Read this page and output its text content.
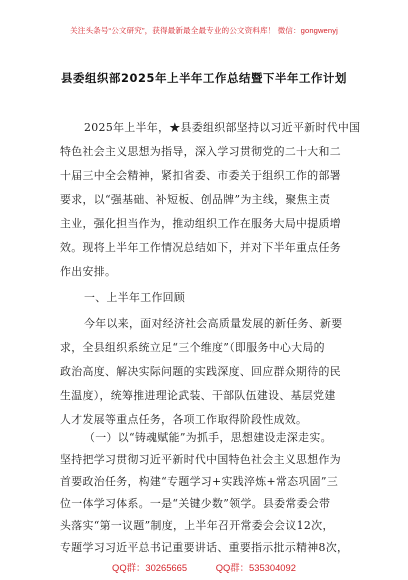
关注头条号“公文研究”，获得最新最全最专业的公文资料库！ 微信：gongwenyj
县委组织部2025年上半年工作总结暨下半年工作计划
2025年上半年，★县委组织部坚持以习近平新时代中国
特色社会主义思想为指导，深入学习贯彻党的二十大和二
十届三中全会精神，紧扣省委、市委关于组织工作的部署
要求，以“强基础、补短板、创品牌”为主线，聚焦主责
主业，强化担当作为，推动组织工作在服务大局中提质增
效。现将上半年工作情况总结如下，并对下半年重点任务
作出安排。
一、上半年工作回顾
今年以来，面对经济社会高质量发展的新任务、新要
求，全县组织系统立足“三个维度”（即服务中心大局的
政治高度、解决实际问题的实践深度、回应群众期待的民
生温度），统筹推进理论武装、干部队伍建设、基层党建
人才发展等重点任务，各项工作取得阶段性成效。
（一）以“铸魂赋能”为抓手，思想建设走深走实。
坚持把学习贯彻习近平新时代中国特色社会主义思想作为
首要政治任务，构建“专题学习+实践淬炼+常态巩固”三
位一体学习体系。一是“关键少数”领学。县委常委会带
QQ群：30265665	QQ群：535304092
头落实“第一议题”制度，上半年召开常委会会议12次，
专题学习习近平总书记重要讲话、重要指示批示精神8次，
